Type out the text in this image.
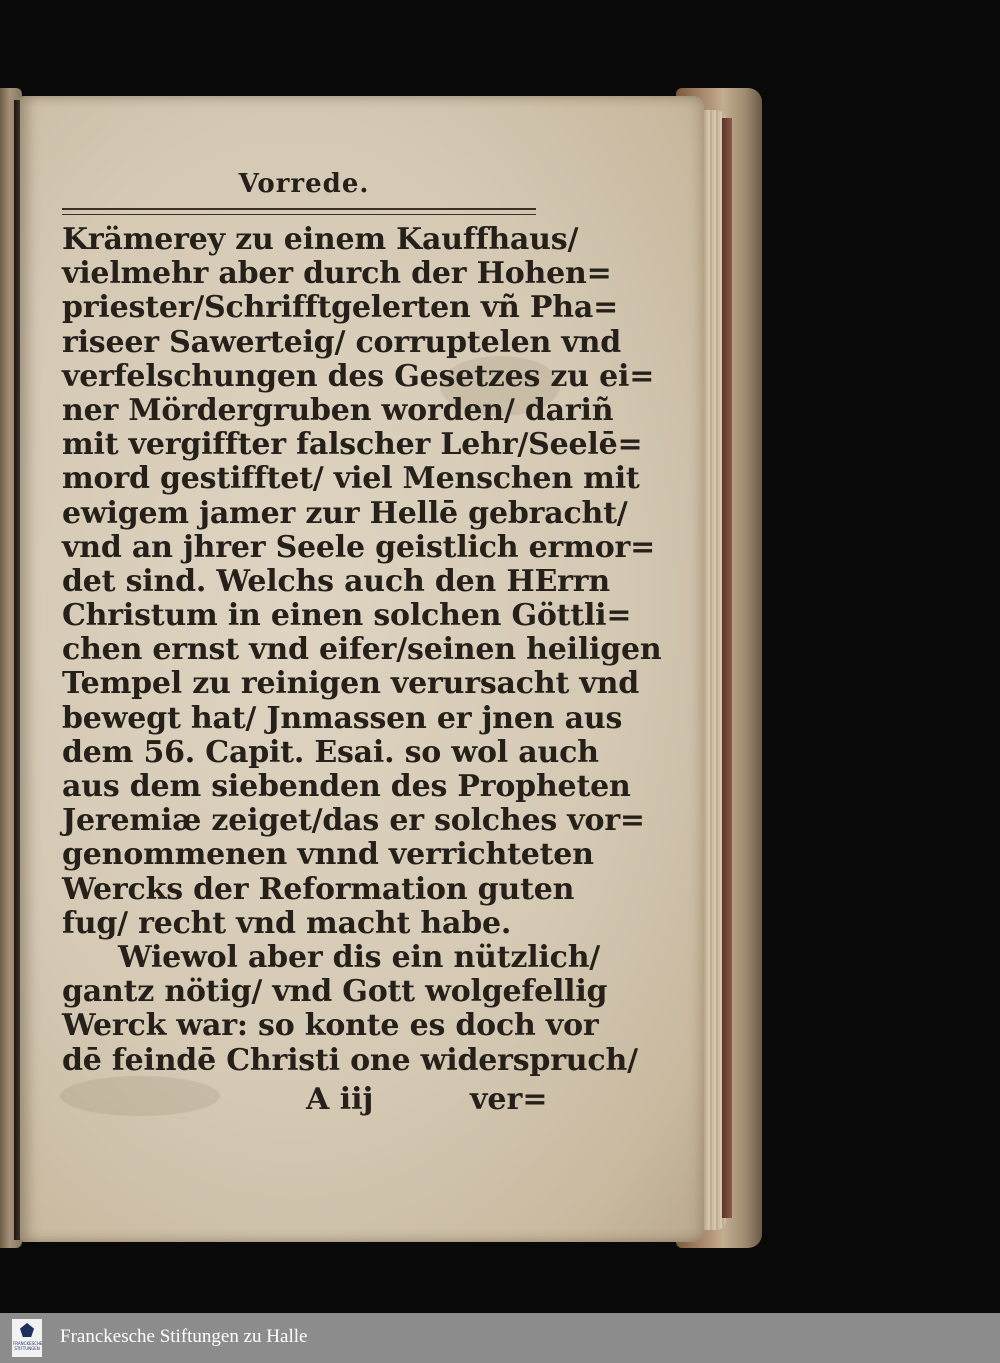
Vorrede.
Krämerey zu einem Kauffhaus/
vielmehr aber durch der Hohen=
priester/Schrifftgelerten vñ Pha=
riseer Sawerteig/ corruptelen vnd
verfelschungen des Gesetzes zu ei=
ner Mördergruben worden/ dariñ
mit vergiffter falscher Lehr/Seelē=
mord gestifftet/ viel Menschen mit
ewigem jamer zur Hellē gebracht/
vnd an jhrer Seele geistlich ermor=
det sind. Welchs auch den HErrn
Christum in einen solchen Göttli=
chen ernst vnd eifer/seinen heiligen
Tempel zu reinigen verursacht vnd
bewegt hat/ Jnmassen er jnen aus
dem 56. Capit. Esai. so wol auch
aus dem siebenden des Propheten
Jeremiæ zeiget/das er solches vor=
genommenen vnnd verrichteten
Wercks der Reformation guten
fug/ recht vnd macht habe.
Wiewol aber dis ein nützlich/
gantz nötig/ vnd Gott wolgefellig
Werck war: so konte es doch vor
dē feindē Christi one widerspruch/
A iij	ver=
FRANCKESCHE STIFTUNGEN
Franckesche Stiftungen zu Halle
